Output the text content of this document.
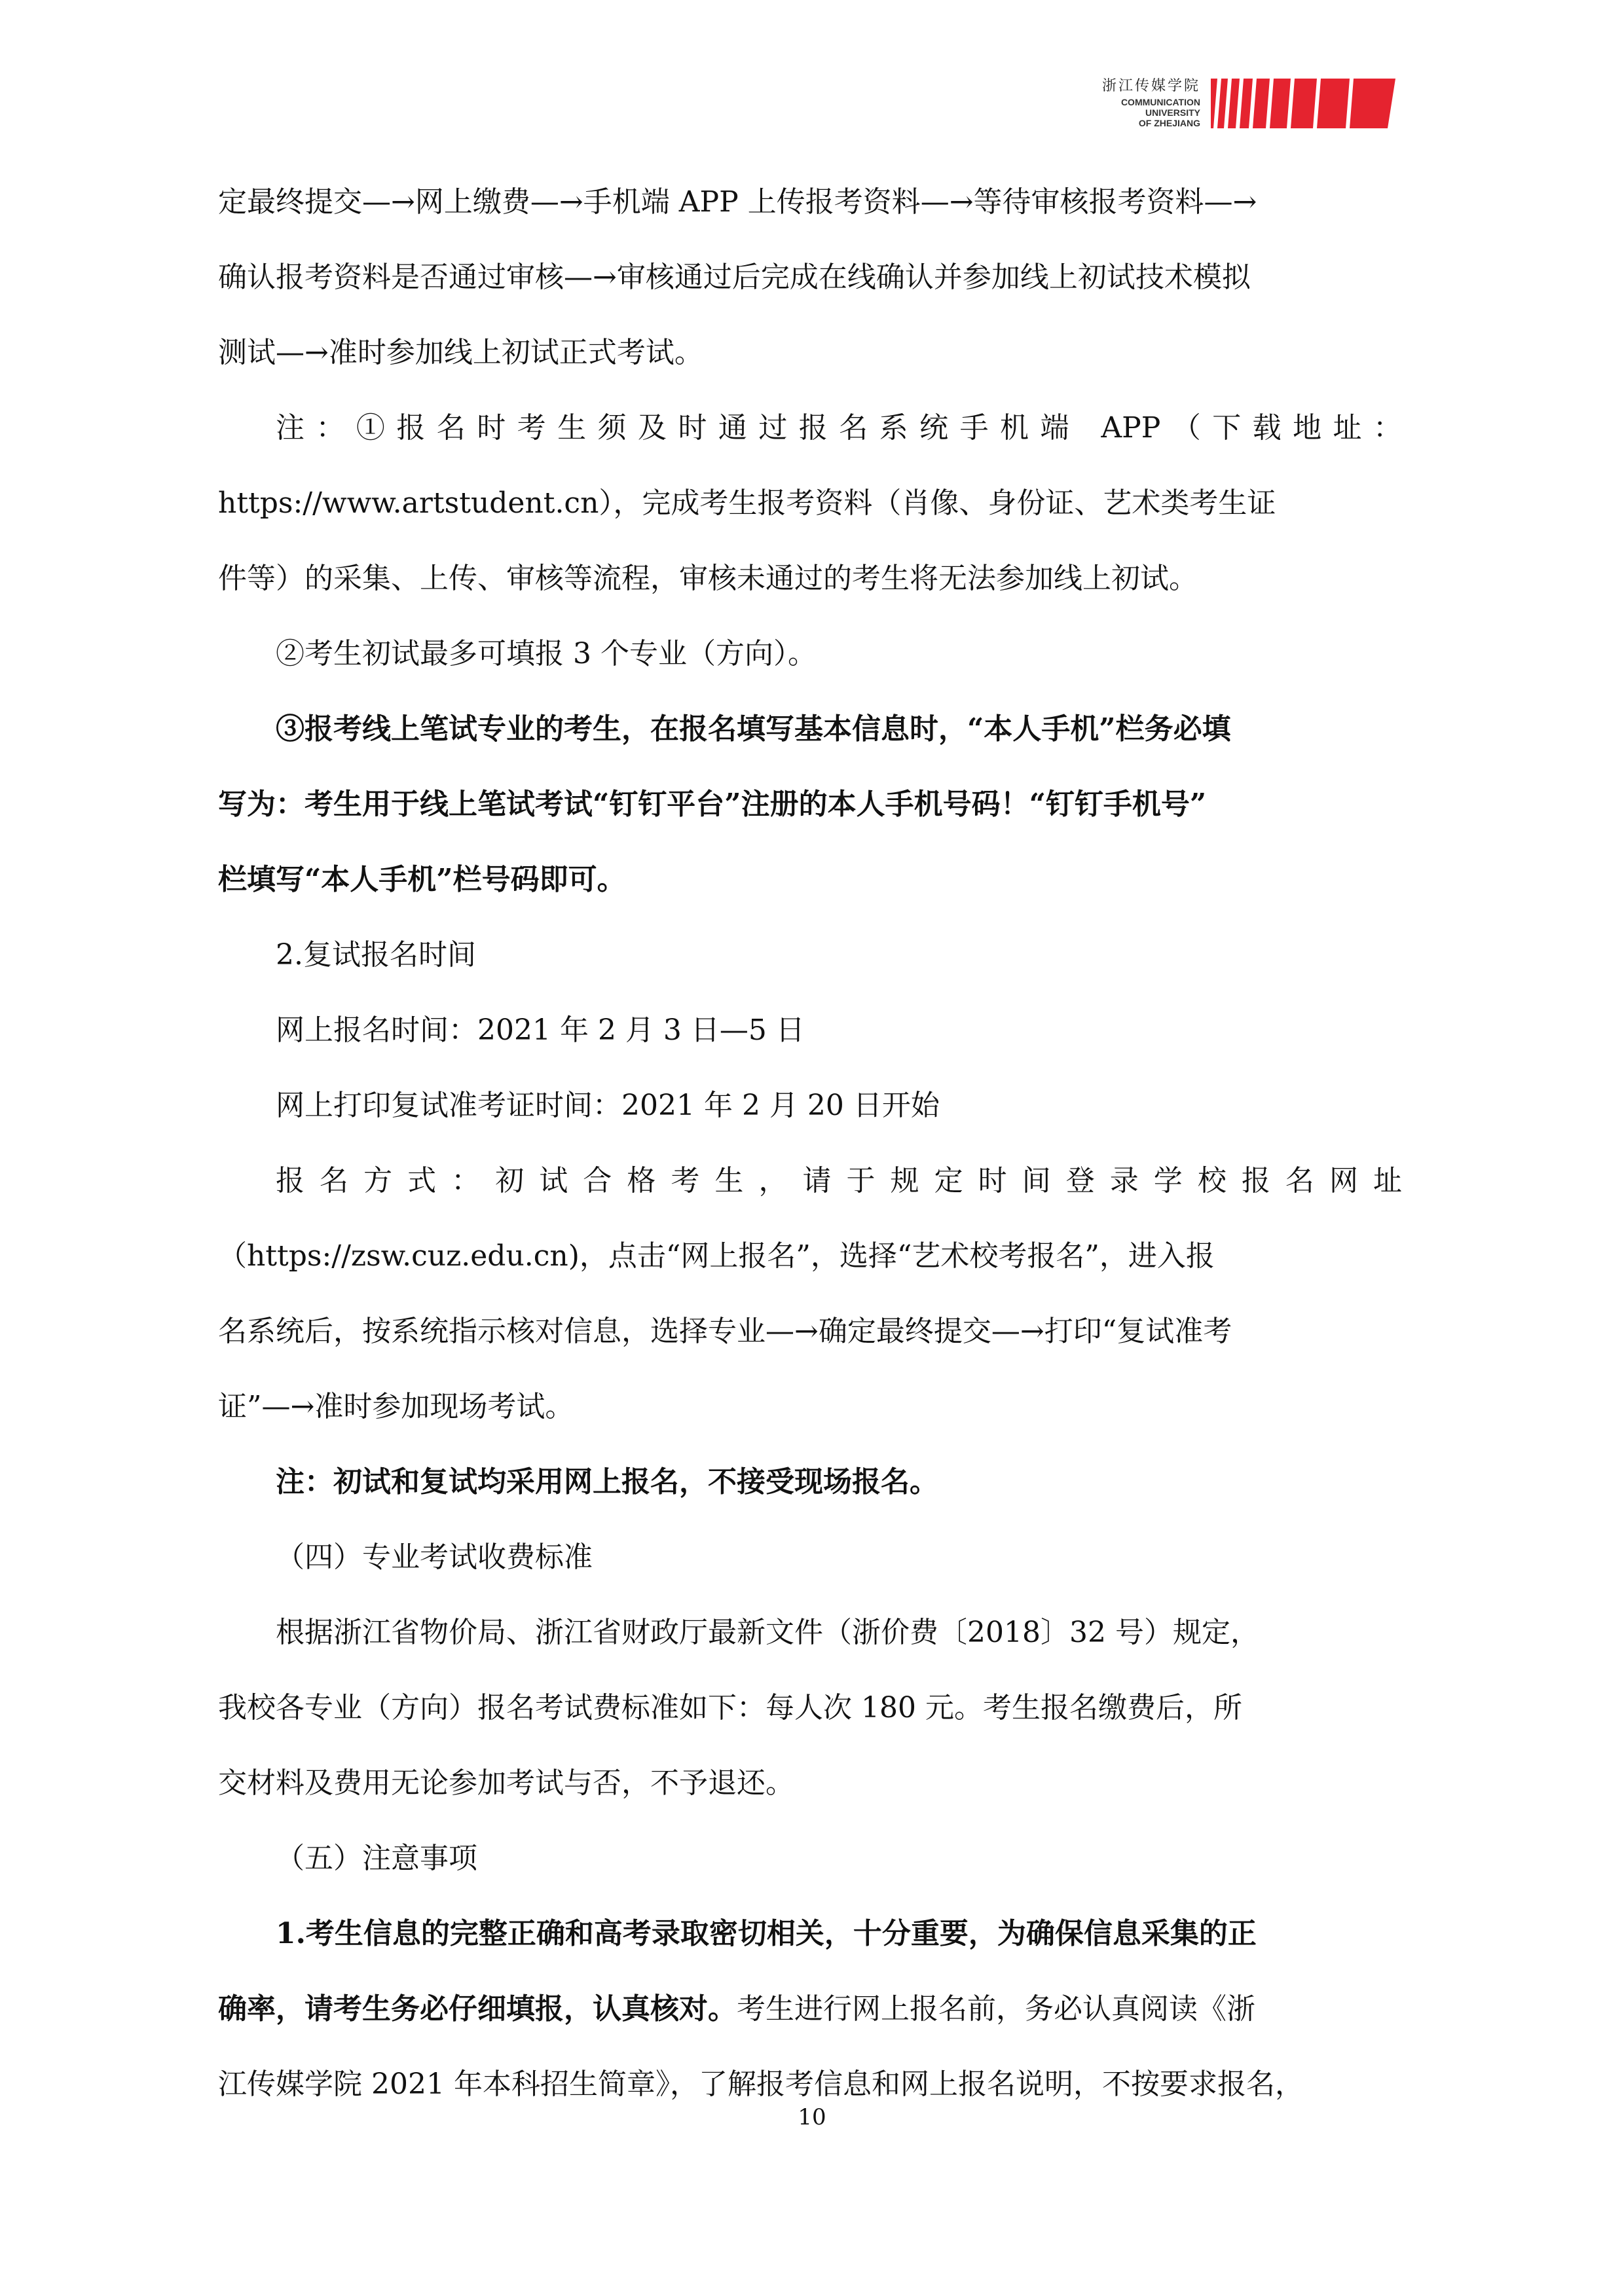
浙江传媒学院
COMMUNICATION
UNIVERSITY
OF ZHEJIANG
定最终提交—→网上缴费—→手机端 APP 上传报考资料—→等待审核报考资料—→
确认报考资料是否通过审核—→审核通过后完成在线确认并参加线上初试技术模拟
测试—→准时参加线上初试正式考试。
注：①报名时考生须及时通过报名系统手机端 APP（下载地址：
https://www.artstudent.cn），完成考生报考资料（肖像、身份证、艺术类考生证
件等）的采集、上传、审核等流程，审核未通过的考生将无法参加线上初试。
②考生初试最多可填报 3 个专业（方向）。
③报考线上笔试专业的考生，在报名填写基本信息时，“本人手机”栏务必填
写为：考生用于线上笔试考试“钉钉平台”注册的本人手机号码！“钉钉手机号”
栏填写“本人手机”栏号码即可。
2.复试报名时间
网上报名时间：2021 年 2 月 3 日—5 日
网上打印复试准考证时间：2021 年 2 月 20 日开始
报名方式：初试合格考生，请于规定时间登录学校报名网址
（https://zsw.cuz.edu.cn)，点击“网上报名”，选择“艺术校考报名”，进入报
名系统后，按系统指示核对信息，选择专业—→确定最终提交—→打印“复试准考
证”—→准时参加现场考试。
注：初试和复试均采用网上报名，不接受现场报名。
（四）专业考试收费标准
根据浙江省物价局、浙江省财政厅最新文件（浙价费〔2018〕32 号）规定，
我校各专业（方向）报名考试费标准如下：每人次 180 元。考生报名缴费后，所
交材料及费用无论参加考试与否，不予退还。
（五）注意事项
1.考生信息的完整正确和高考录取密切相关，十分重要，为确保信息采集的正
确率，请考生务必仔细填报，认真核对。考生进行网上报名前，务必认真阅读《浙
江传媒学院 2021 年本科招生简章》，了解报考信息和网上报名说明，不按要求报名，
10
